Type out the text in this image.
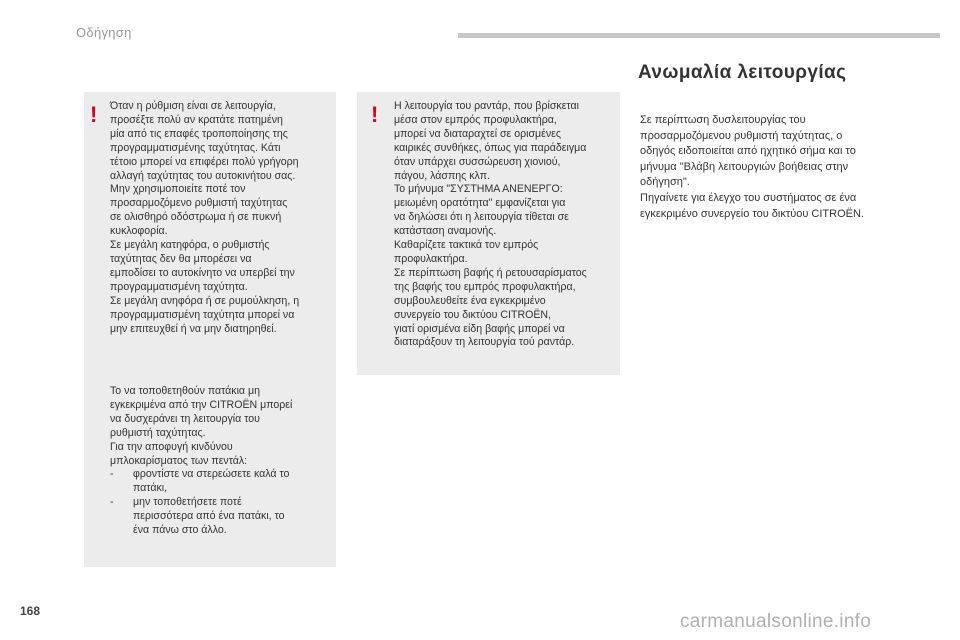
Οδήγηση
!	!
Όταν η ρύθμιση είναι σε λειτουργία,
προσέξτε πολύ αν κρατάτε πατημένη
μία από τις επαφές τροποποίησης της
προγραμματισμένης ταχύτητας. Κάτι
τέτοιο μπορεί να επιφέρει πολύ γρήγορη
αλλαγή ταχύτητας του αυτοκινήτου σας.
Μην χρησιμοποιείτε ποτέ τον
προσαρμοζόμενο ρυθμιστή ταχύτητας
σε ολισθηρό οδόστρωμα ή σε πυκνή
κυκλοφορία.
Σε μεγάλη κατηφόρα, ο ρυθμιστής
ταχύτητας δεν θα μπορέσει να
εμποδίσει το αυτοκίνητο να υπερβεί την
προγραμματισμένη ταχύτητα.
Σε μεγάλη ανηφόρα ή σε ρυμούλκηση, η
προγραμματισμένη ταχύτητα μπορεί να
μην επιτευχθεί ή να μην διατηρηθεί.
Το να τοποθετηθούν πατάκια μη
εγκεκριμένα από την CITROËN μπορεί
να δυσχεράνει τη λειτουργία του
ρυθμιστή ταχύτητας.
Για την αποφυγή κινδύνου
μπλοκαρίσματος των πεντάλ:
-	φροντίστε να στερεώσετε καλά το
πατάκι,
-	μην τοποθετήσετε ποτέ
περισσότερα από ένα πατάκι, το
ένα πάνω στο άλλο.
Η λειτουργία του ραντάρ, που βρίσκεται
μέσα στον εμπρός προφυλακτήρα,
μπορεί να διαταραχτεί σε ορισμένες
καιρικές συνθήκες, όπως για παράδειγμα
όταν υπάρχει συσσώρευση χιονιού,
πάγου, λάσπης κλπ.
Το μήνυμα "ΣΥΣΤΗΜΑ ΑΝΕΝΕΡΓΟ:
μειωμένη ορατότητα" εμφανίζεται για
να δηλώσει ότι η λειτουργία τίθεται σε
κατάσταση αναμονής.
Καθαρίζετε τακτικά τον εμπρός
προφυλακτήρα.
Σε περίπτωση βαφής ή ρετουσαρίσματος
της βαφής του εμπρός προφυλακτήρα,
συμβουλευθείτε ένα εγκεκριμένο
συνεργείο του δικτύου CITROËN,
γιατί ορισμένα είδη βαφής μπορεί να
διαταράξουν τη λειτουργία τού ραντάρ.
Ανωμαλία λειτουργίας
Σε περίπτωση δυσλειτουργίας του
προσαρμοζόμενου ρυθμιστή ταχύτητας, ο
οδηγός ειδοποιείται από ηχητικό σήμα και το
μήνυμα "Βλάβη λειτουργιών βοήθειας στην
οδήγηση".
Πηγαίνετε για έλεγχο του συστήματος σε ένα
εγκεκριμένο συνεργείο του δικτύου CITROËN.
168	carmanualsonline.info
